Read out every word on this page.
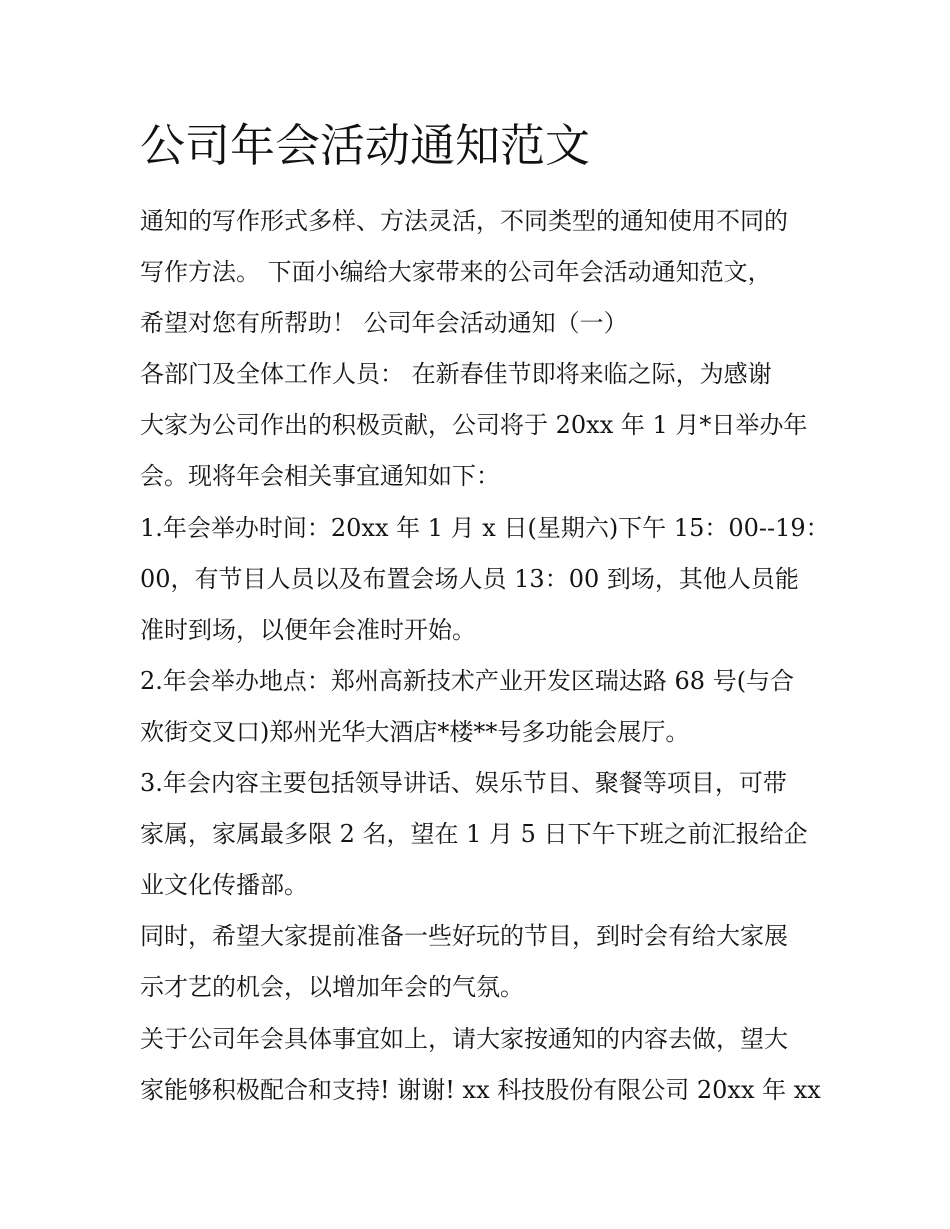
公司年会活动通知范文

通知的写作形式多样、方法灵活，不同类型的通知使用不同的

写作方法。 下面小编给大家带来的公司年会活动通知范文，

希望对您有所帮助！ 公司年会活动通知（一）

各部门及全体工作人员： 在新春佳节即将来临之际，为感谢

大家为公司作出的积极贡献，公司将于 20xx 年 1 月*日举办年

会。现将年会相关事宜通知如下：

1.年会举办时间：20xx 年 1 月 x 日(星期六)下午 15：00--19：

00，有节目人员以及布置会场人员 13：00 到场，其他人员能

准时到场，以便年会准时开始。

2.年会举办地点：郑州高新技术产业开发区瑞达路 68 号(与合

欢街交叉口)郑州光华大酒店*楼**号多功能会展厅。

3.年会内容主要包括领导讲话、娱乐节目、聚餐等项目，可带

家属，家属最多限 2 名，望在 1 月 5 日下午下班之前汇报给企

业文化传播部。

同时，希望大家提前准备一些好玩的节目，到时会有给大家展

示才艺的机会，以增加年会的气氛。

关于公司年会具体事宜如上，请大家按通知的内容去做，望大

家能够积极配合和支持! 谢谢! xx 科技股份有限公司 20xx 年 xx
